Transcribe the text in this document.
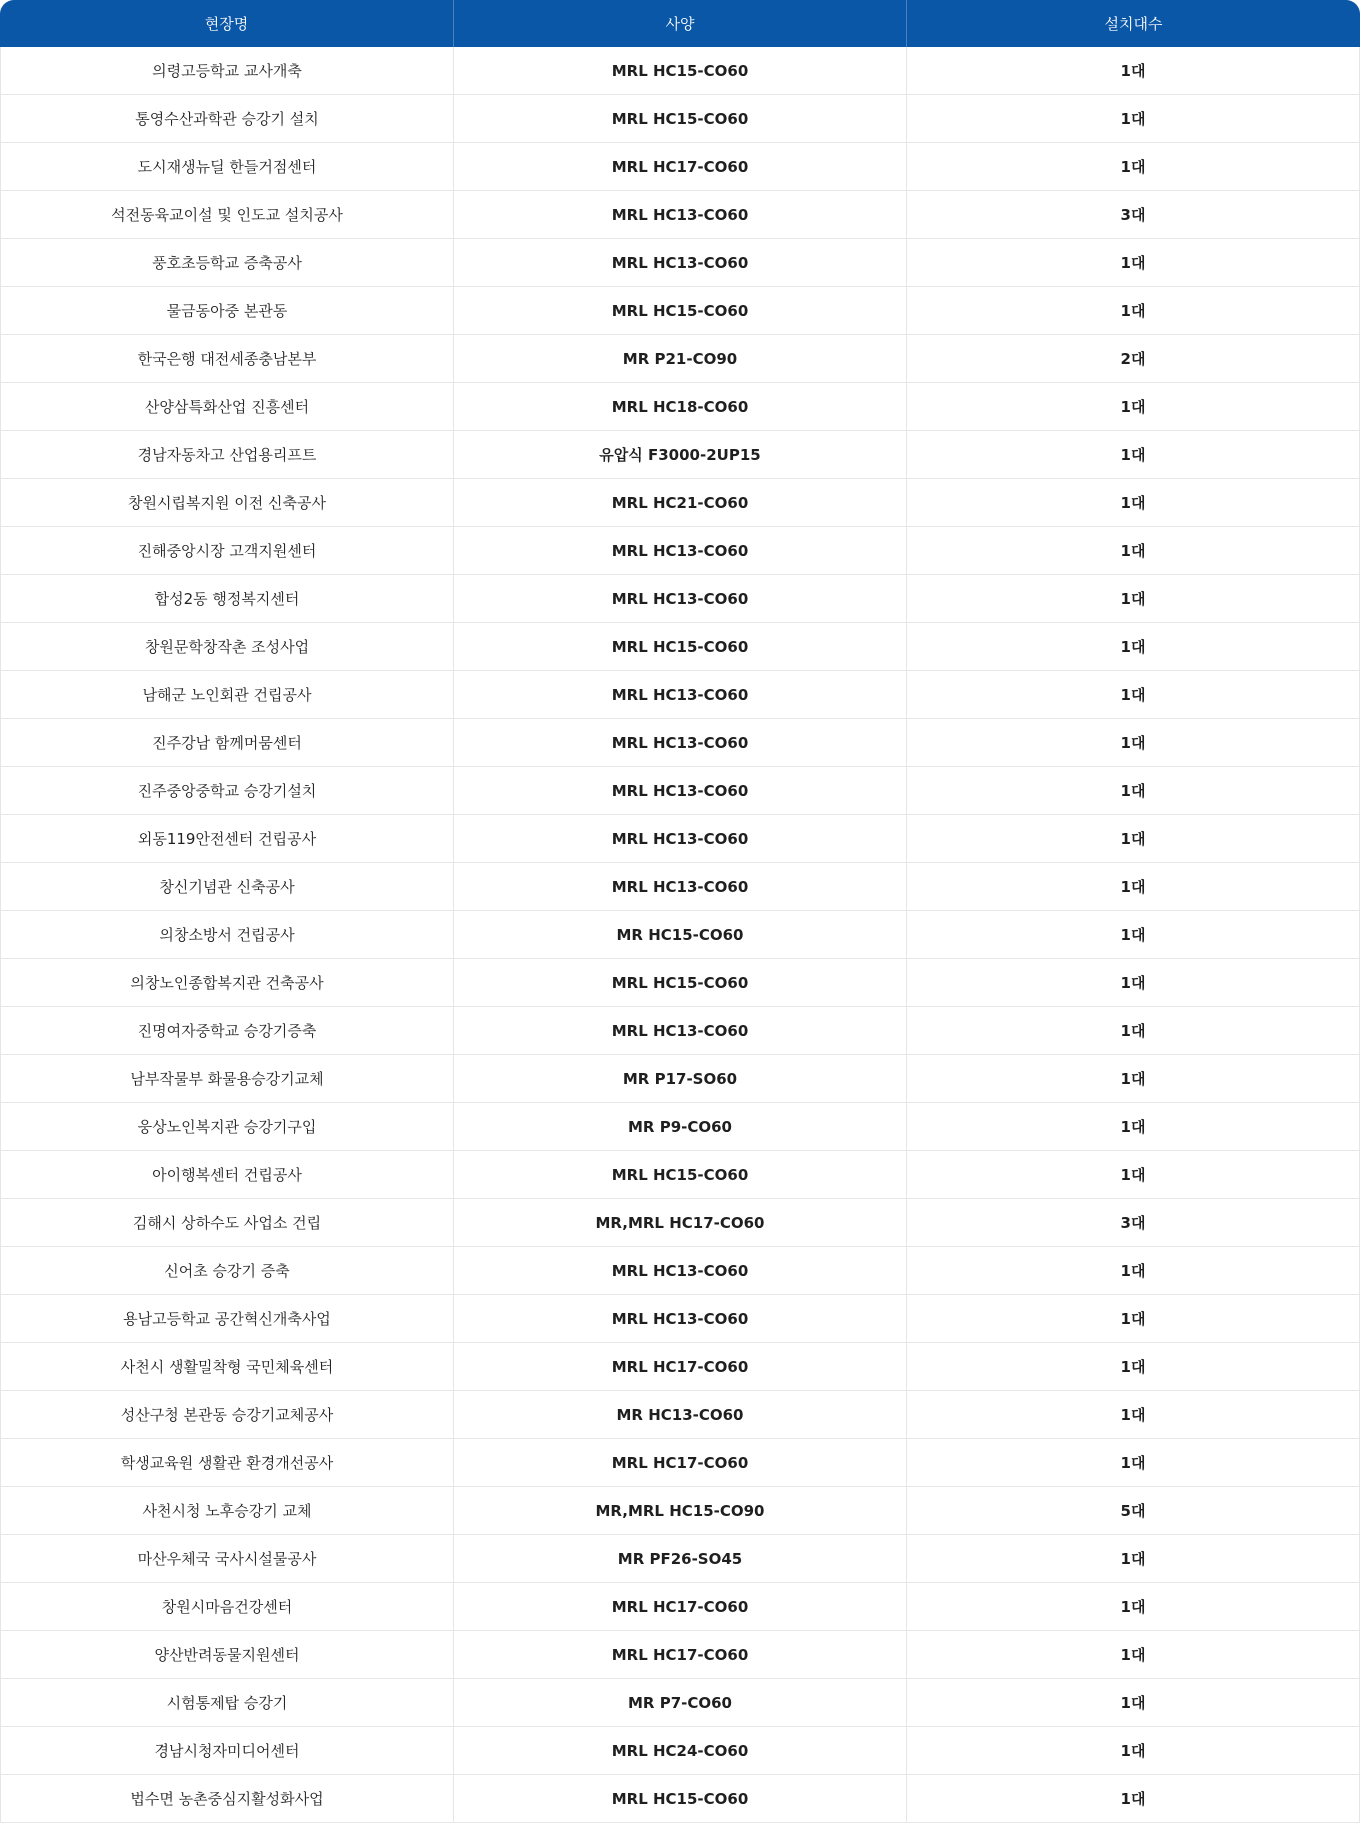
현장명	사양	설치대수
의령고등학교 교사개축	MRL HC15-CO60	1대
통영수산과학관 승강기 설치	MRL HC15-CO60	1대
도시재생뉴딜 한들거점센터	MRL HC17-CO60	1대
석전동육교이설 및 인도교 설치공사	MRL HC13-CO60	3대
풍호초등학교 증축공사	MRL HC13-CO60	1대
물금동아중 본관동	MRL HC15-CO60	1대
한국은행 대전세종충남본부	MR P21-CO90	2대
산양삼특화산업 진흥센터	MRL HC18-CO60	1대
경남자동차고 산업용리프트	유압식 F3000-2UP15	1대
창원시립복지원 이전 신축공사	MRL HC21-CO60	1대
진해중앙시장 고객지원센터	MRL HC13-CO60	1대
합성2동 행정복지센터	MRL HC13-CO60	1대
창원문학창작촌 조성사업	MRL HC15-CO60	1대
남해군 노인회관 건립공사	MRL HC13-CO60	1대
진주강남 함께머뭄센터	MRL HC13-CO60	1대
진주중앙중학교 승강기설치	MRL HC13-CO60	1대
외동119안전센터 건립공사	MRL HC13-CO60	1대
창신기념관 신축공사	MRL HC13-CO60	1대
의창소방서 건립공사	MR HC15-CO60	1대
의창노인종합복지관 건축공사	MRL HC15-CO60	1대
진명여자중학교 승강기증축	MRL HC13-CO60	1대
남부작물부 화물용승강기교체	MR P17-SO60	1대
웅상노인복지관 승강기구입	MR P9-CO60	1대
아이행복센터 건립공사	MRL HC15-CO60	1대
김해시 상하수도 사업소 건립	MR,MRL HC17-CO60	3대
신어초 승강기 증축	MRL HC13-CO60	1대
용남고등학교 공간혁신개축사업	MRL HC13-CO60	1대
사천시 생활밀착형 국민체육센터	MRL HC17-CO60	1대
성산구청 본관동 승강기교체공사	MR HC13-CO60	1대
학생교육원 생활관 환경개선공사	MRL HC17-CO60	1대
사천시청 노후승강기 교체	MR,MRL HC15-CO90	5대
마산우체국 국사시설물공사	MR PF26-SO45	1대
창원시마음건강센터	MRL HC17-CO60	1대
양산반려동물지원센터	MRL HC17-CO60	1대
시험통제탑 승강기	MR P7-CO60	1대
경남시청자미디어센터	MRL HC24-CO60	1대
법수면 농촌중심지활성화사업	MRL HC15-CO60	1대
